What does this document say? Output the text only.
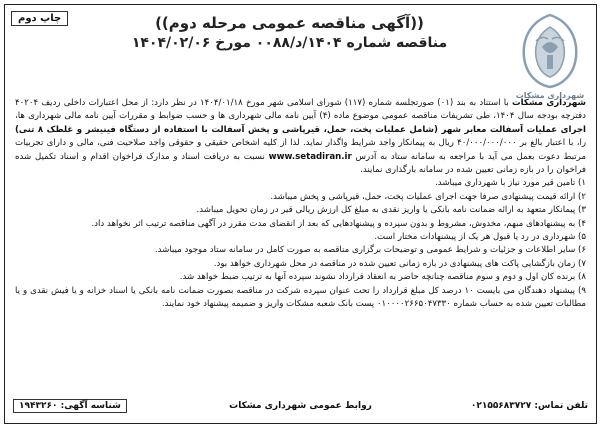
چاپ دوم
شهرداری مشکات
((آگهی مناقصه عمومی مرحله دوم))
مناقصه شماره ۱۴۰۴/د/۰۰۸۸ مورخ ۱۴۰۴/۰۲/۰۶

شهرداری مشکات با استناد به بند (۰۱) صورتجلسه شماره (۱۱۷) شورای اسلامی شهر مورخ ۱۴۰۴/۰۱/۱۸ در نظر دارد: از محل اعتبارات داخلی ردیف ۴۰۲۰۴ دفترچه بودجه سال ۱۴۰۴، طی تشریفات مناقصه عمومی موضوع ماده (۴) آیین نامه مالی شهرداری ها و حسب ضوابط و مقررات آیین نامه مالی شهرداری ها، اجرای عملیات آسفالت معابر شهر (شامل عملیات پخت، حمل، قیرپاشی و پخش آسفالت با استفاده از دستگاه فینیشر و غلطک ۸ تنی) را، با اعتبار بالغ بر ۴۰/۰۰۰/۰۰۰/۰۰۰ ریال به پیمانکار واجد شرایط واگذار نماید. لذا از کلیه اشخاص حقیقی و حقوقی واجد صلاحیت فنی، مالی و دارای تجربیات مرتبط دعوت بعمل می آید با مراجعه به سامانه ستاد به آدرس www.setadiran.ir نسبت به دریافت اسناد و مدارک فراخوان اقدام و اسناد تکمیل شده فراخوان را در بازه زمانی تعیین شده در سامانه بارگذاری نمایند.

۱) تامین قیر مورد نیاز با شهرداری میباشد.
۲) ارائه قیمت پیشنهادی صرفا جهت اجرای عملیات پخت، حمل، قیرپاشی و پخش میباشد.
۳) پیمانکار متعهد به ارائه ضمانت نامه بانکی یا واریز نقدی به مبلغ کل ارزش ریالی قیر در زمان تحویل میباشد.
۴) به پیشنهادهای مبهم، مخدوش، مشروط و بدون سپرده و پیشنهادهایی که بعد از انقضای مدت مقرر در آگهی مناقصه ترتیب اثر نخواهد داد.
۵) شهرداری در رد یا قبول هر یک از پیشنهادات مختار است.
۶) سایر اطلاعات و جزئیات و شرایط عمومی و توضیحات برگزاری مناقصه به صورت کامل در سامانه ستاد موجود میباشد.
۷) زمان بازگشایی پاکت های پیشنهادی در بازه زمانی تعیین شده در مناقصه در محل شهرداری خواهد بود.
۸) برنده کان اول و دوم و سوم مناقصه چنانچه حاضر به انعقاد قرارداد نشوند سپرده آنها به ترتیب ضبط خواهد شد.
۹) پیشنهاد دهندگان می بایست ۱۰ درصد کل مبلغ قرارداد را تحت عنوان سپرده شرکت در مناقصه بصورت ضمانت نامه بانکی یا اسناد خزانه و یا فیش نقدی و یا مطالبات تعیین شده به حساب شماره ۰۱۰۰۰۰۲۶۶۵۰۴۷۳۳۰ پست بانک شعبه مشکات واریز و ضمیمه پیشنهاد خود نمایند.
تلفن تماس: ۰۲۱۵۵۶۸۳۷۲۷
روابط عمومی شهرداری مشکات
شناسه آگهی: ۱۹۴۳۲۶۰
